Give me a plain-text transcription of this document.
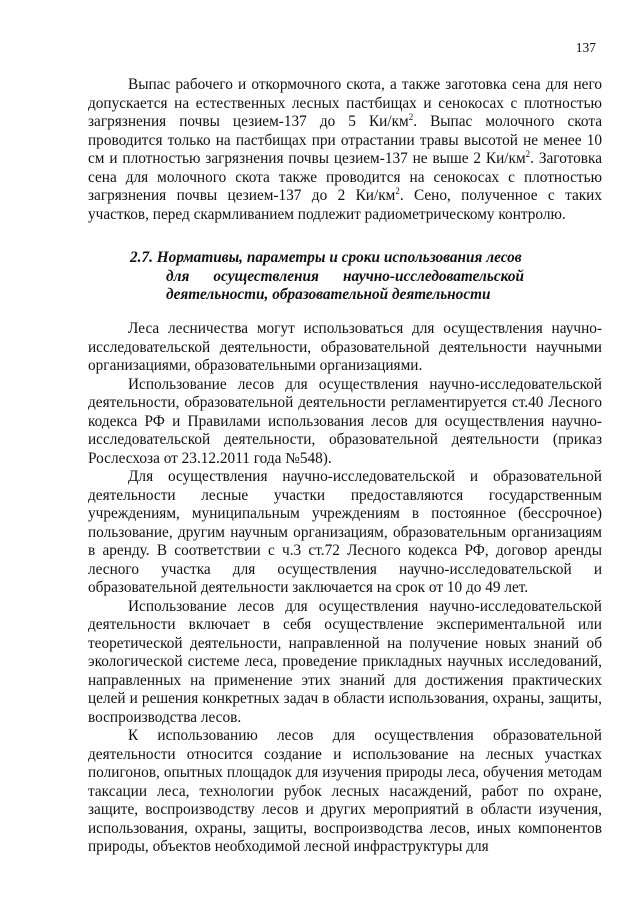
137

Выпас рабочего и откормочного скота, а также заготовка сена для него допускается на естественных лесных пастбищах и сенокосах с плотностью загрязнения почвы цезием-137 до 5 $Ки/км^2$. Выпас молочного скота проводится только на пастбищах при отрастании травы высотой не менее 10 см и плотностью загрязнения почвы цезием-137 не выше 2 $Ки/км^2$. Заготовка сена для молочного скота также проводится на сенокосах с плотностью загрязнения почвы цезием-137 до 2 $Ки/км^2$. Сено, полученное с таких участков, перед скармливанием подлежит радиометрическому контролю.

2.7. Нормативы, параметры и сроки использования лесов
для осуществления научно-исследовательской
деятельности, образовательной деятельности

Леса лесничества могут использоваться для осуществления научно-исследовательской деятельности, образовательной деятельности научными организациями, образовательными организациями.

Использование лесов для осуществления научно-исследовательской деятельности, образовательной деятельности регламентируется ст.40 Лесного кодекса РФ и Правилами использования лесов для осуществления научно-исследовательской деятельности, образовательной деятельности (приказ Рослесхоза от 23.12.2011 года №548).

Для осуществления научно-исследовательской и образовательной деятельности лесные участки предоставляются государственным учреждениям, муниципальным учреждениям в постоянное (бессрочное) пользование, другим научным организациям, образовательным организациям в аренду. В соответствии с ч.3 ст.72 Лесного кодекса РФ, договор аренды лесного участка для осуществления научно-исследовательской и образовательной деятельности заключается на срок от 10 до 49 лет.

Использование лесов для осуществления научно-исследовательской деятельности включает в себя осуществление экспериментальной или теоретической деятельности, направленной на получение новых знаний об экологической системе леса, проведение прикладных научных исследований, направленных на применение этих знаний для достижения практических целей и решения конкретных задач в области использования, охраны, защиты, воспроизводства лесов.

К использованию лесов для осуществления образовательной деятельности относится создание и использование на лесных участках полигонов, опытных площадок для изучения природы леса, обучения методам таксации леса, технологии рубок лесных насаждений, работ по охране, защите, воспроизводству лесов и других мероприятий в области изучения, использования, охраны, защиты, воспроизводства лесов, иных компонентов природы, объектов необходимой лесной инфраструктуры для
